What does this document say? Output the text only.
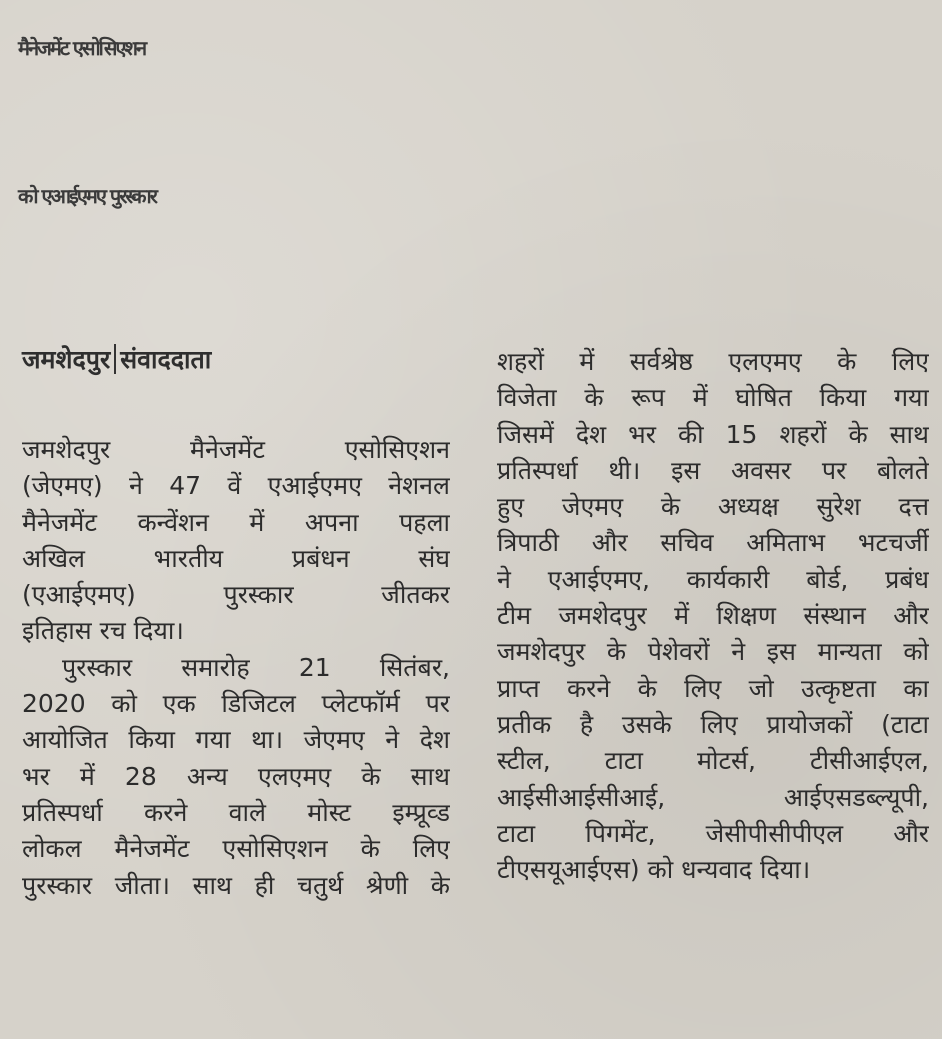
मैनेजमेंट एसोसिएशन
को एआईएमए पुरस्कार
जमशेदपुर संवाददाता
जमशेदपुर मैनेजमेंट एसोसिएशन
(जेएमए) ने 47 वें एआईएमए नेशनल
मैनेजमेंट कन्वेंशन में अपना पहला
अखिल भारतीय प्रबंधन संघ
(एआईएमए) पुरस्कार जीतकर
इतिहास रच दिया।
पुरस्कार समारोह 21 सितंबर,
2020 को एक डिजिटल प्लेटफॉर्म पर
आयोजित किया गया था। जेएमए ने देश
भर में 28 अन्य एलएमए के साथ
प्रतिस्पर्धा करने वाले मोस्ट इम्प्रूव्ड
लोकल मैनेजमेंट एसोसिएशन के लिए
पुरस्कार जीता। साथ ही चतुर्थ श्रेणी के
शहरों में सर्वश्रेष्ठ एलएमए के लिए
विजेता के रूप में घोषित किया गया
जिसमें देश भर की 15 शहरों के साथ
प्रतिस्पर्धा थी। इस अवसर पर बोलते
हुए जेएमए के अध्यक्ष सुरेश दत्त
त्रिपाठी और सचिव अमिताभ भटचर्जी
ने एआईएमए, कार्यकारी बोर्ड, प्रबंध
टीम जमशेदपुर में शिक्षण संस्थान और
जमशेदपुर के पेशेवरों ने इस मान्यता को
प्राप्त करने के लिए जो उत्कृष्टता का
प्रतीक है उसके लिए प्रायोजकों (टाटा
स्टील, टाटा मोटर्स, टीसीआईएल,
आईसीआईसीआई, आईएसडब्ल्यूपी,
टाटा पिगमेंट, जेसीपीसीपीएल और
टीएसयूआईएस) को धन्यवाद दिया।
